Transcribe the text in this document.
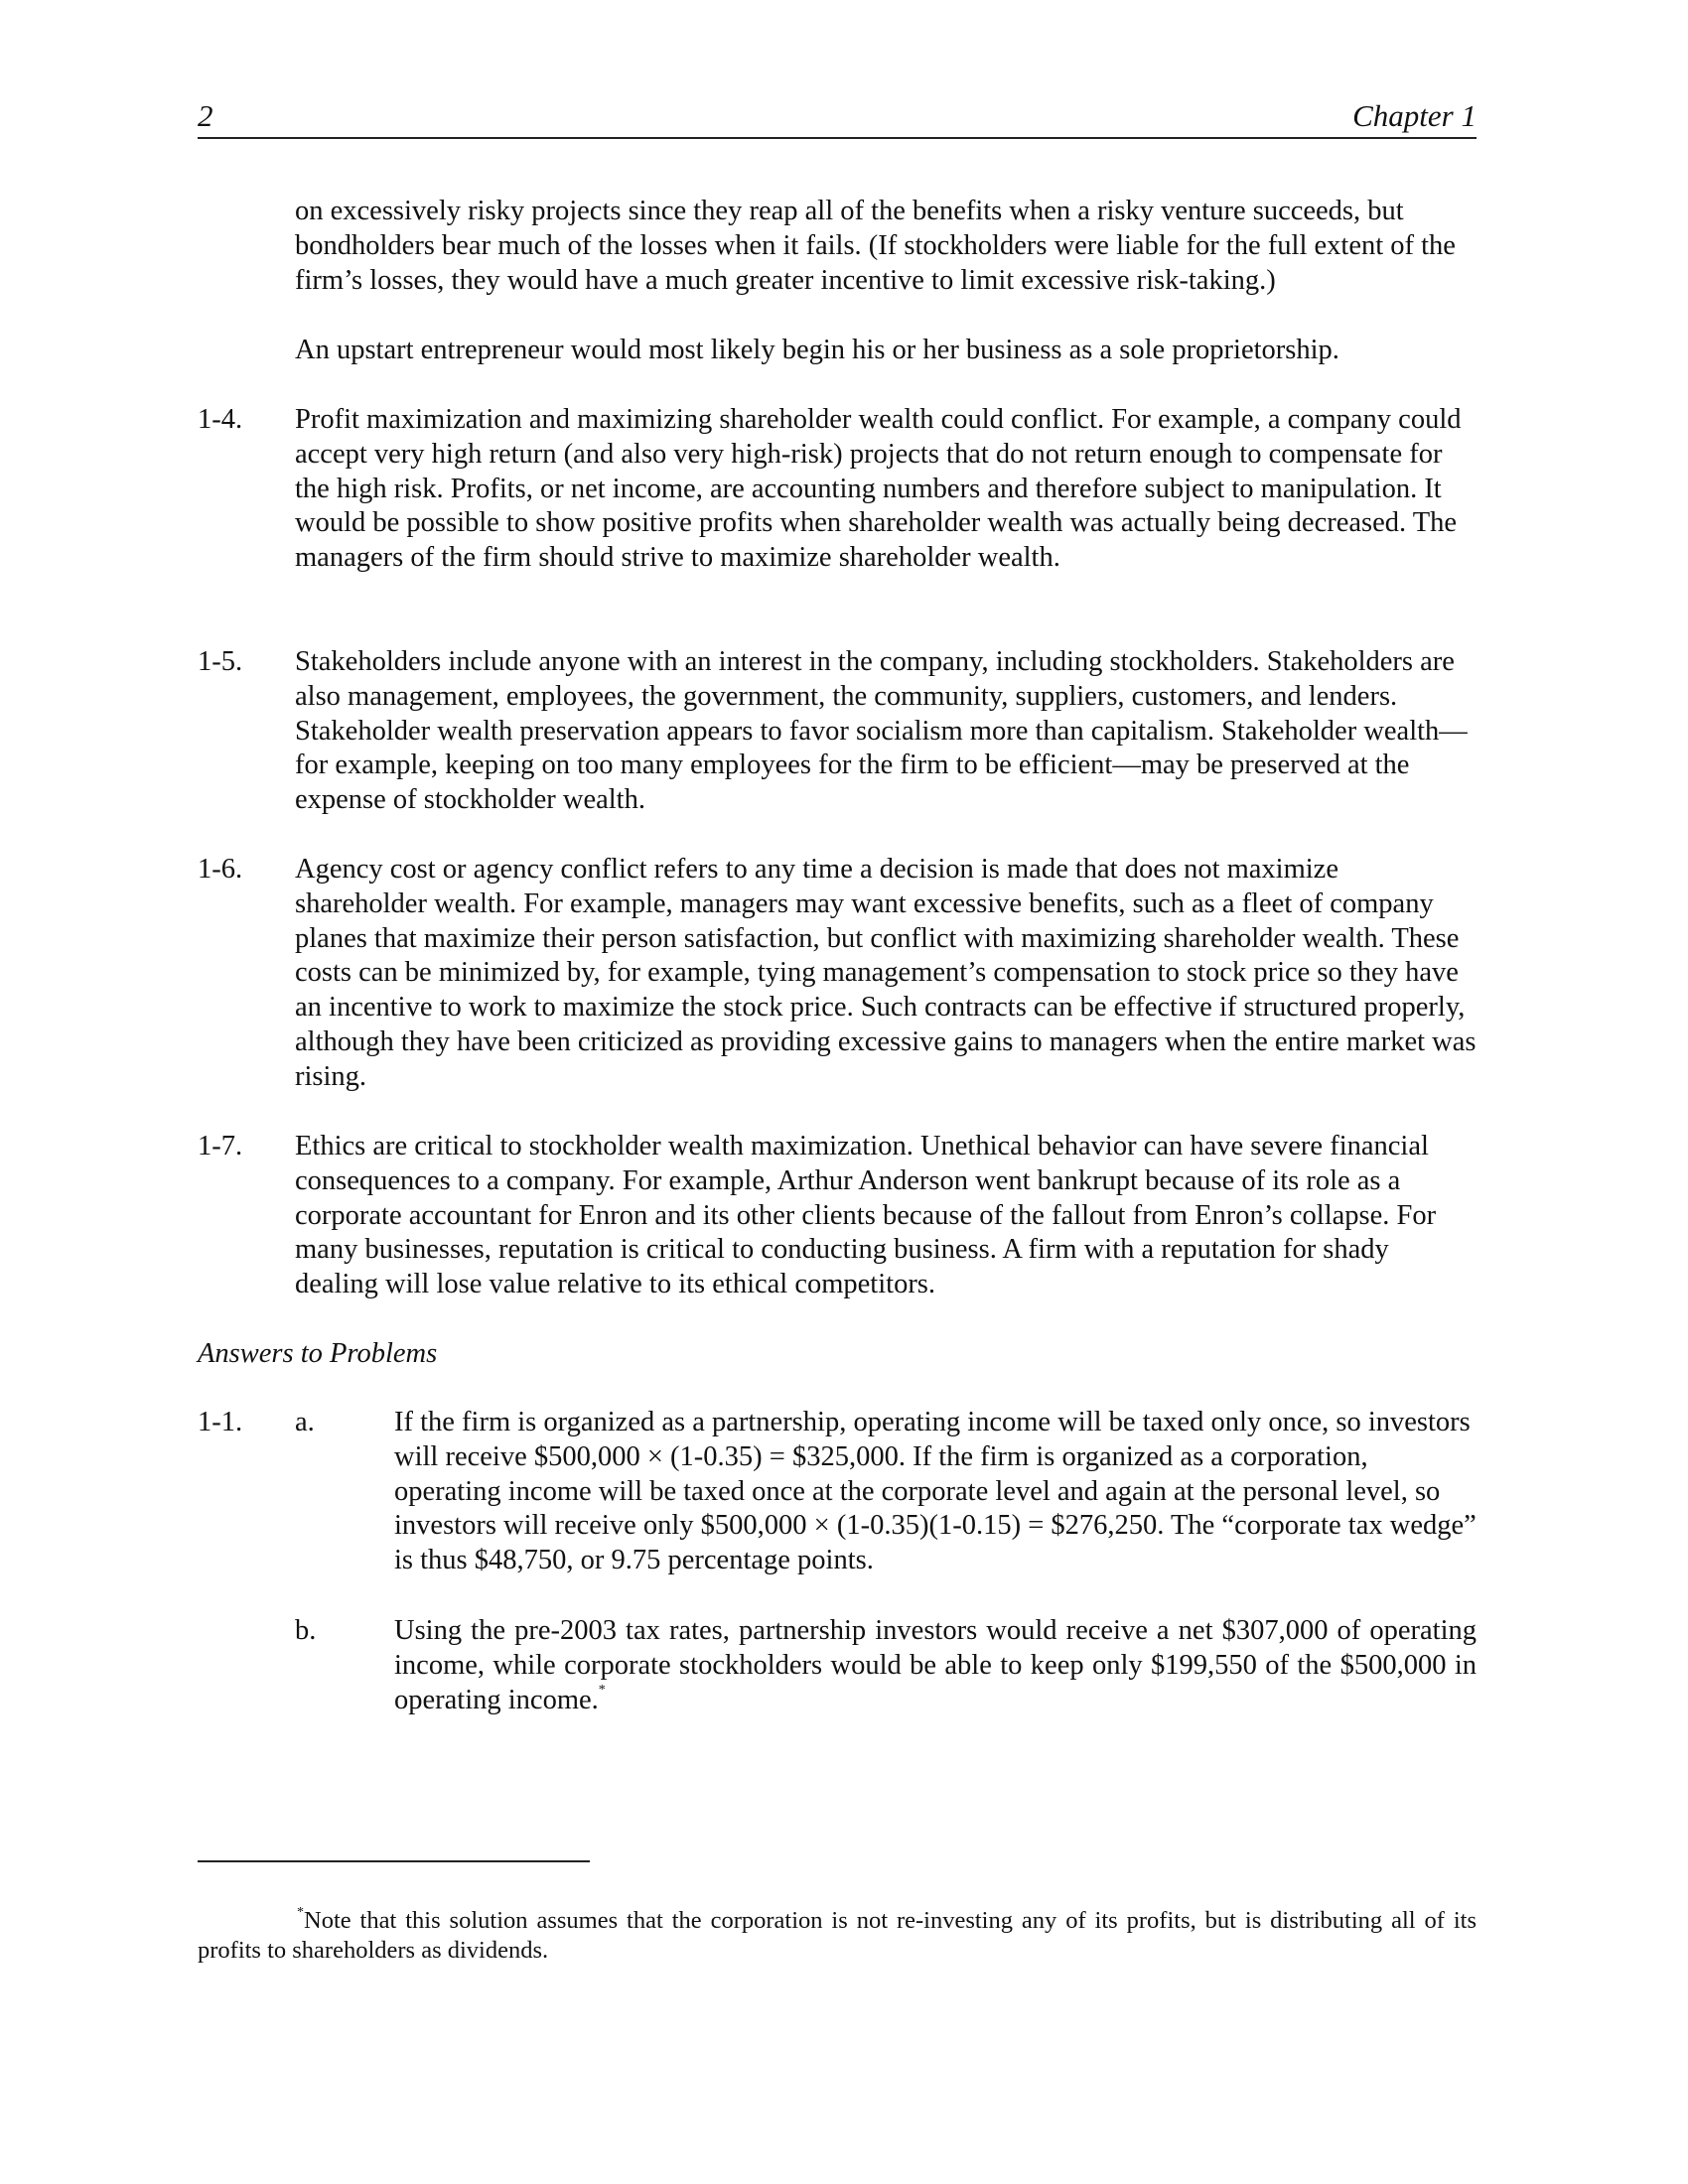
2	Chapter 1
on excessively risky projects since they reap all of the benefits when a risky venture succeeds, but bondholders bear much of the losses when it fails. (If stockholders were liable for the full extent of the firm’s losses, they would have a much greater incentive to limit excessive risk-taking.)
An upstart entrepreneur would most likely begin his or her business as a sole proprietorship.
1-4. Profit maximization and maximizing shareholder wealth could conflict. For example, a company could accept very high return (and also very high-risk) projects that do not return enough to compensate for the high risk. Profits, or net income, are accounting numbers and therefore subject to manipulation. It would be possible to show positive profits when shareholder wealth was actually being decreased. The managers of the firm should strive to maximize shareholder wealth.
1-5. Stakeholders include anyone with an interest in the company, including stockholders. Stakeholders are also management, employees, the government, the community, suppliers, customers, and lenders. Stakeholder wealth preservation appears to favor socialism more than capitalism. Stakeholder wealth—for example, keeping on too many employees for the firm to be efficient—may be preserved at the expense of stockholder wealth.
1-6. Agency cost or agency conflict refers to any time a decision is made that does not maximize shareholder wealth. For example, managers may want excessive benefits, such as a fleet of company planes that maximize their person satisfaction, but conflict with maximizing shareholder wealth. These costs can be minimized by, for example, tying management’s compensation to stock price so they have an incentive to work to maximize the stock price. Such contracts can be effective if structured properly, although they have been criticized as providing excessive gains to managers when the entire market was rising.
1-7. Ethics are critical to stockholder wealth maximization. Unethical behavior can have severe financial consequences to a company. For example, Arthur Anderson went bankrupt because of its role as a corporate accountant for Enron and its other clients because of the fallout from Enron’s collapse. For many businesses, reputation is critical to conducting business. A firm with a reputation for shady dealing will lose value relative to its ethical competitors.
Answers to Problems
1-1. a.	If the firm is organized as a partnership, operating income will be taxed only once, so investors will receive $500,000 × (1-0.35) = $325,000. If the firm is organized as a corporation, operating income will be taxed once at the corporate level and again at the personal level, so investors will receive only $500,000 × (1-0.35)(1-0.15) = $276,250. The “corporate tax wedge” is thus $48,750, or 9.75 percentage points.
b.	Using the pre-2003 tax rates, partnership investors would receive a net $307,000 of operating income, while corporate stockholders would be able to keep only $199,550 of the $500,000 in operating income.*
*Note that this solution assumes that the corporation is not re-investing any of its profits, but is distributing all of its profits to shareholders as dividends.
